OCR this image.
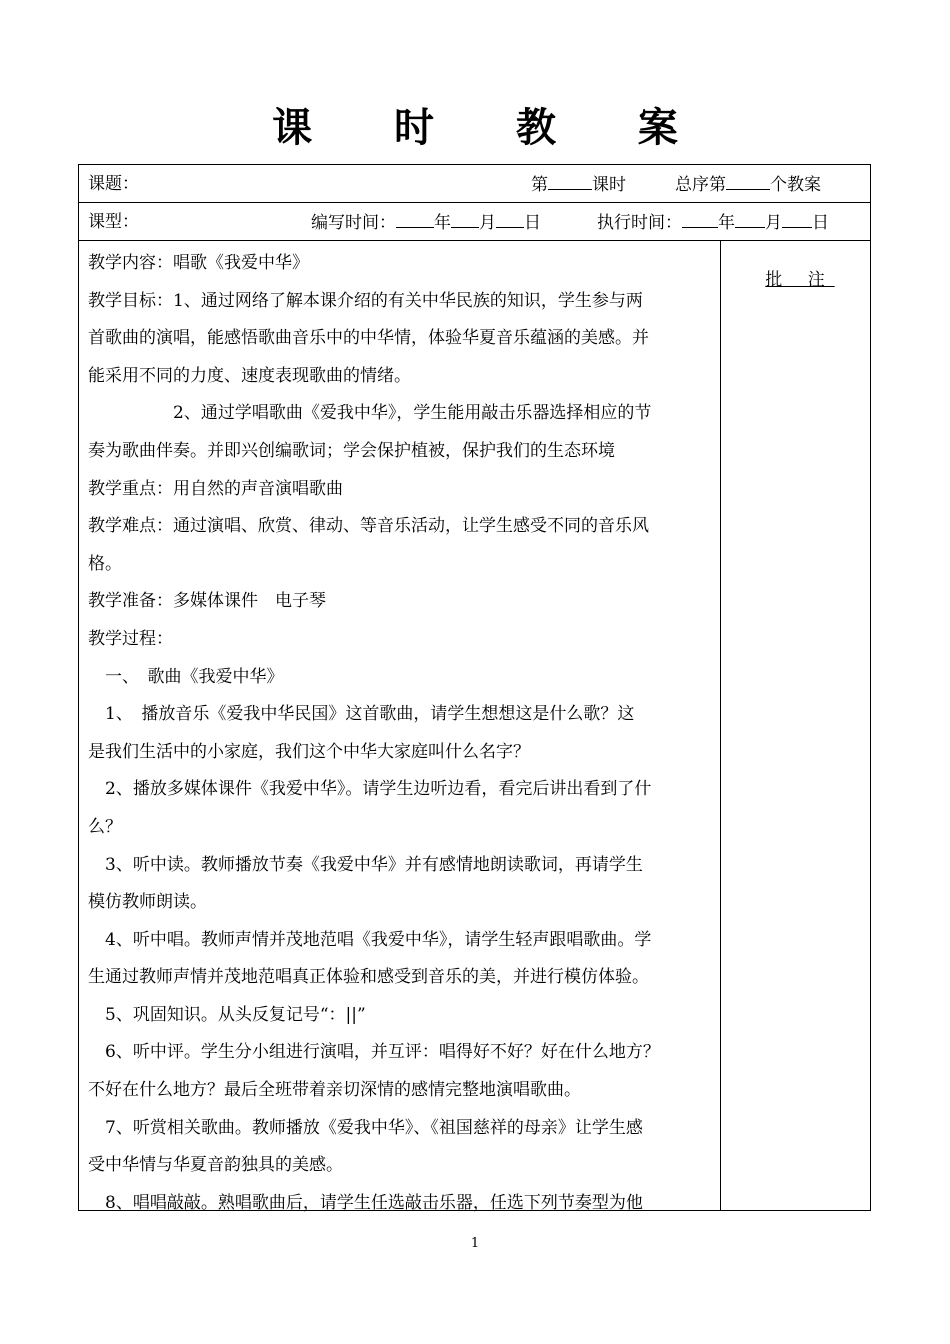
课 时 教 案
课题：	第	课时	总序第	个教案
课型：	编写时间： 年 月 日	执行时间： 年 月 日

教学内容：唱歌《我爱中华》

教学目标：1、通过网络了解本课介绍的有关中华民族的知识，学生参与两

首歌曲的演唱，能感悟歌曲音乐中的中华情，体验华夏音乐蕴涵的美感。并

能采用不同的力度、速度表现歌曲的情绪。

　　　　　2、通过学唱歌曲《爱我中华》，学生能用敲击乐器选择相应的节

奏为歌曲伴奏。并即兴创编歌词；学会保护植被，保护我们的生态环境

教学重点：用自然的声音演唱歌曲

教学难点：通过演唱、欣赏、律动、等音乐活动，让学生感受不同的音乐风

格。

教学准备：多媒体课件　电子琴

教学过程：

　一、　歌曲《我爱中华》

　1、　播放音乐《爱我中华民国》这首歌曲，请学生想想这是什么歌？这

是我们生活中的小家庭，我们这个中华大家庭叫什么名字？

　2、播放多媒体课件《我爱中华》。请学生边听边看，看完后讲出看到了什

么？

　3、听中读。教师播放节奏《我爱中华》并有感情地朗读歌词，再请学生

模仿教师朗读。

　4、听中唱。教师声情并茂地范唱《我爱中华》，请学生轻声跟唱歌曲。学

生通过教师声情并茂地范唱真正体验和感受到音乐的美，并进行模仿体验。

　5、巩固知识。从头反复记号“：||”

　6、听中评。学生分小组进行演唱，并互评：唱得好不好？好在什么地方？

不好在什么地方？最后全班带着亲切深情的感情完整地演唱歌曲。

　7、听赏相关歌曲。教师播放《爱我中华》、《祖国慈祥的母亲》让学生感

受中华情与华夏音韵独具的美感。

　8、唱唱敲敲。熟唱歌曲后，请学生任选敲击乐器，任选下列节奏型为他

批 注
1
